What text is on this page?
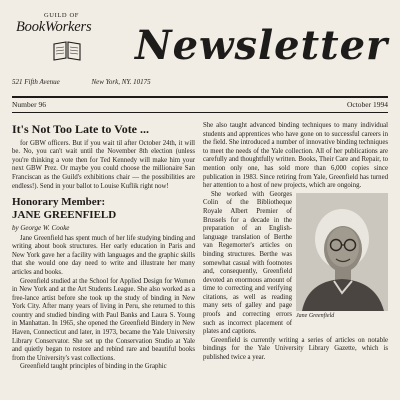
GUILD OF
BookWorkers Newsletter
521 Fifth Avenue	New York, NY. 10175
Number 96	October 1994
It's Not Too Late to Vote ...

for GBW officers. But if you wait til after October 24th, it will be. No, you can't wait until the November 8th election (unless you're thinking a vote then for Ted Kennedy will make him your next GBW Prez. Or maybe you could choose the millionaire San Franciscan as the Guild's exhibitions chair — the possibilities are endless!). Send in your ballot to Louise Kuflik right now!

Honorary Member:
JANE GREENFIELD
by George W. Cooke

Jane Greenfield has spent much of her life studying binding and writing about book structures. Her early education in Paris and New York gave her a facility with languages and the graphic skills that she would one day need to write and illustrate her many articles and books.

Greenfield studied at the School for Applied Design for Women in New York and at the Art Students League. She also worked as a free-lance artist before she took up the study of binding in New York City. After many years of living in Peru, she returned to this country and studied binding with Paul Banks and Laura S. Young in Manhattan. In 1965, she opened the Greenfield Bindery in New Haven, Connecticut and later, in 1973, became the Yale University Library Conservator. She set up the Conservation Studio at Yale and quietly began to restore and rebind rare and beautiful books from the University's vast collections.

Greenfield taught principles of binding in the Graphic

She also taught advanced binding techniques to many individual students and apprentices who have gone on to successful careers in the field. She introduced a number of innovative binding techniques to meet the needs of the Yale collection. All of her publications are carefully and thoughtfully written. Books, Their Care and Repair, to mention only one, has sold more than 6,000 copies since publication in 1983. Since retiring from Yale, Greenfield has turned her attention to a host of new projects, which are ongoing.

Jane Greenfield

She worked with Georges Colin of the Bibliotheque Royale Albert Premier of Brussels for a decade in the preparation of an English-language translation of Berthe van Regemorter's articles on binding structures. Berthe was somewhat casual with footnotes and, consequently, Greenfield devoted an enormous amount of time to correcting and verifying citations, as well as reading many sets of galley and page proofs and correcting errors such as incorrect placement of plates and captions.

Greenfield is currently writing a series of articles on notable bindings for the Yale University Library Gazette, which is published twice a year.
